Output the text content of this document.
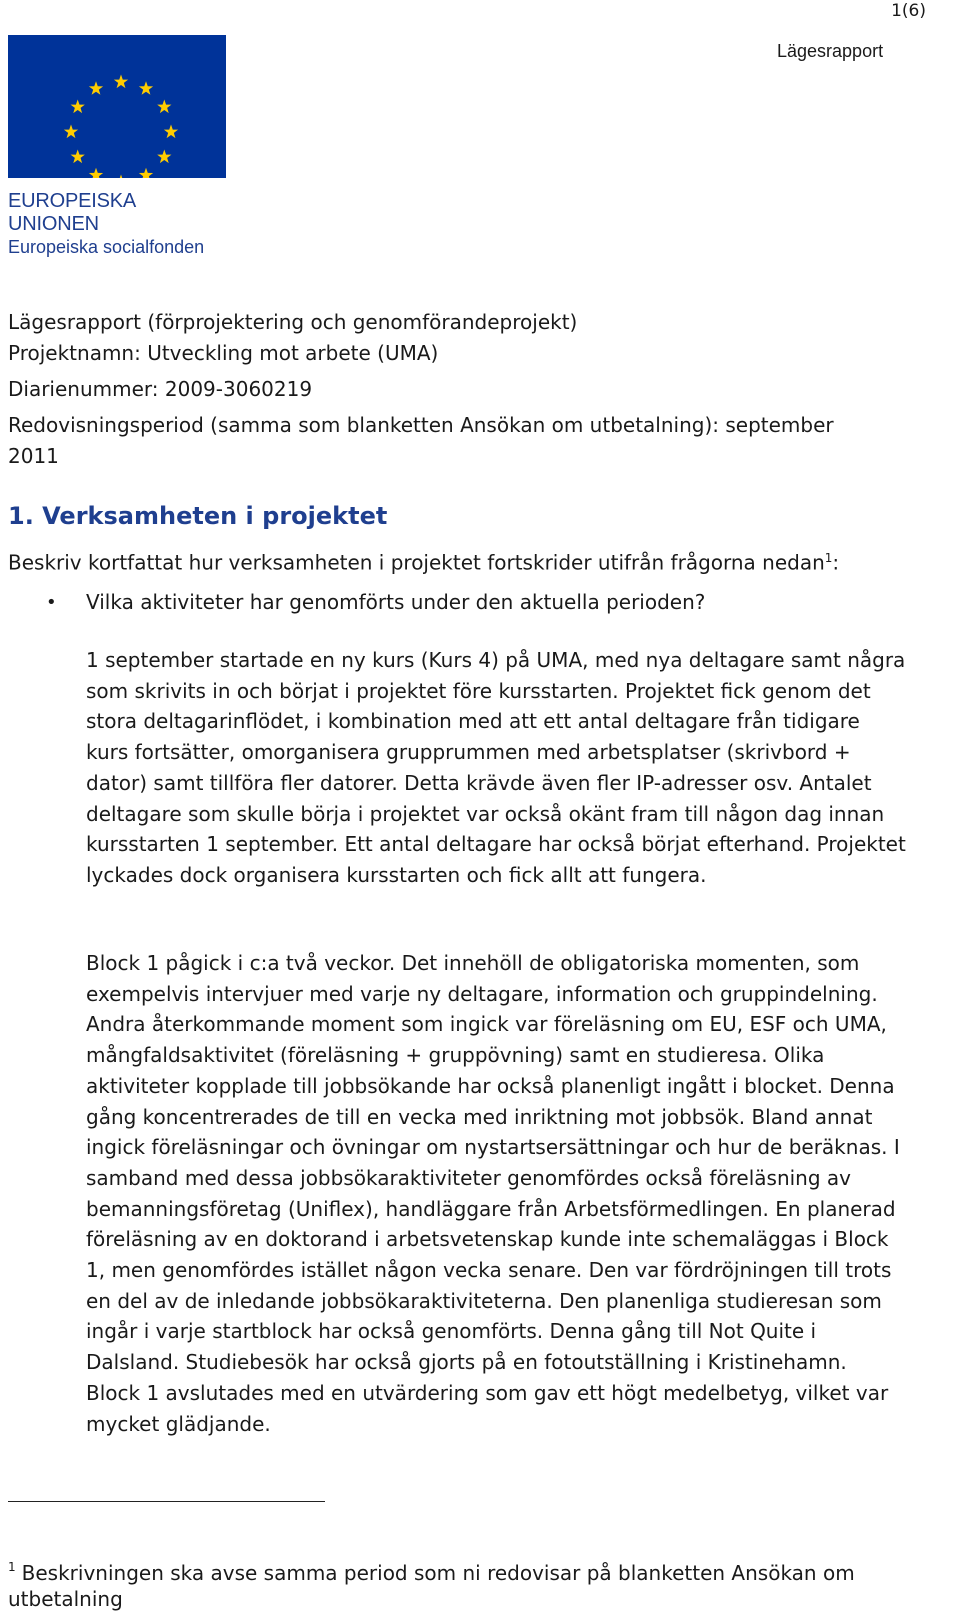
1(6)
Lägesrapport
EUROPEISKA UNIONEN
Europeiska socialfonden
Lägesrapport (förprojektering och genomförandeprojekt)
Projektnamn: Utveckling mot arbete (UMA)
Diarienummer: 2009-3060219
Redovisningsperiod (samma som blanketten Ansökan om utbetalning): september 2011
1. Verksamheten i projektet
Beskriv kortfattat hur verksamheten i projektet fortskrider utifrån frågorna nedan$^1$:
• Vilka aktiviteter har genomförts under den aktuella perioden?

1 september startade en ny kurs (Kurs 4) på UMA, med nya deltagare samt några som skrivits in och börjat i projektet före kursstarten. Projektet fick genom det stora deltagarinflödet, i kombination med att ett antal deltagare från tidigare kurs fortsätter, omorganisera grupprummen med arbetsplatser (skrivbord + dator) samt tillföra fler datorer. Detta krävde även fler IP-adresser osv. Antalet deltagare som skulle börja i projektet var också okänt fram till någon dag innan kursstarten 1 september. Ett antal deltagare har också börjat efterhand. Projektet lyckades dock organisera kursstarten och fick allt att fungera.

Block 1 pågick i c:a två veckor. Det innehöll de obligatoriska momenten, som exempelvis intervjuer med varje ny deltagare, information och gruppindelning. Andra återkommande moment som ingick var föreläsning om EU, ESF och UMA, mångfaldsaktivitet (föreläsning + gruppövning) samt en studieresa. Olika aktiviteter kopplade till jobbsökande har också planenligt ingått i blocket. Denna gång koncentrerades de till en vecka med inriktning mot jobbsök. Bland annat ingick föreläsningar och övningar om nystartsersättningar och hur de beräknas. I samband med dessa jobbsökaraktiviteter genomfördes också föreläsning av bemanningsföretag (Uniflex), handläggare från Arbetsförmedlingen. En planerad föreläsning av en doktorand i arbetsvetenskap kunde inte schemaläggas i Block 1, men genomfördes istället någon vecka senare. Den var fördröjningen till trots en del av de inledande jobbsökaraktiviteterna. Den planenliga studieresan som ingår i varje startblock har också genomförts. Denna gång till Not Quite i Dalsland. Studiebesök har också gjorts på en fotoutställning i Kristinehamn. Block 1 avslutades med en utvärdering som gav ett högt medelbetyg, vilket var mycket glädjande.

$^1$ Beskrivningen ska avse samma period som ni redovisar på blanketten Ansökan om utbetalning
